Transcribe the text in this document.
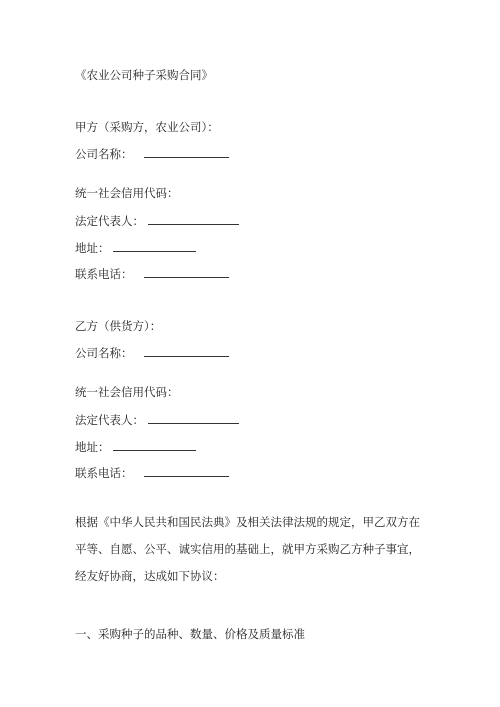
《农业公司种子采购合同》
甲方（采购方，农业公司）：
公司名称：
统一社会信用代码：
法定代表人：
地址：
联系电话：
乙方（供货方）：
公司名称：
统一社会信用代码：
法定代表人：
地址：
联系电话：
根据《中华人民共和国民法典》及相关法律法规的规定，甲乙双方在平等、自愿、公平、诚实信用的基础上，就甲方采购乙方种子事宜，经友好协商，达成如下协议：
一、采购种子的品种、数量、价格及质量标准
